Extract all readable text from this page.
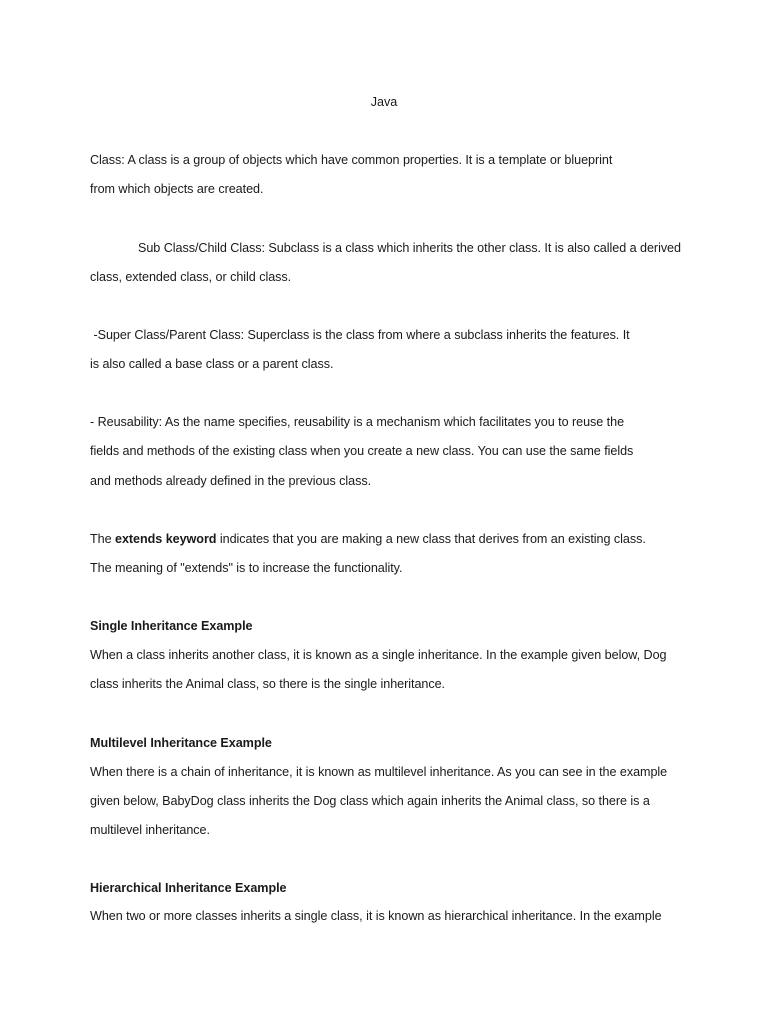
Java
Class: A class is a group of objects which have common properties. It is a template or blueprint
from which objects are created.
Sub Class/Child Class: Subclass is a class which inherits the other class. It is also called a derived
class, extended class, or child class.
-Super Class/Parent Class: Superclass is the class from where a subclass inherits the features. It
is also called a base class or a parent class.
- Reusability: As the name specifies, reusability is a mechanism which facilitates you to reuse the
fields and methods of the existing class when you create a new class. You can use the same fields
and methods already defined in the previous class.
The extends keyword indicates that you are making a new class that derives from an existing class.
The meaning of "extends" is to increase the functionality.
Single Inheritance Example
When a class inherits another class, it is known as a single inheritance. In the example given below, Dog
class inherits the Animal class, so there is the single inheritance.
Multilevel Inheritance Example
When there is a chain of inheritance, it is known as multilevel inheritance. As you can see in the example
given below, BabyDog class inherits the Dog class which again inherits the Animal class, so there is a
multilevel inheritance.
Hierarchical Inheritance Example
When two or more classes inherits a single class, it is known as hierarchical inheritance. In the example
